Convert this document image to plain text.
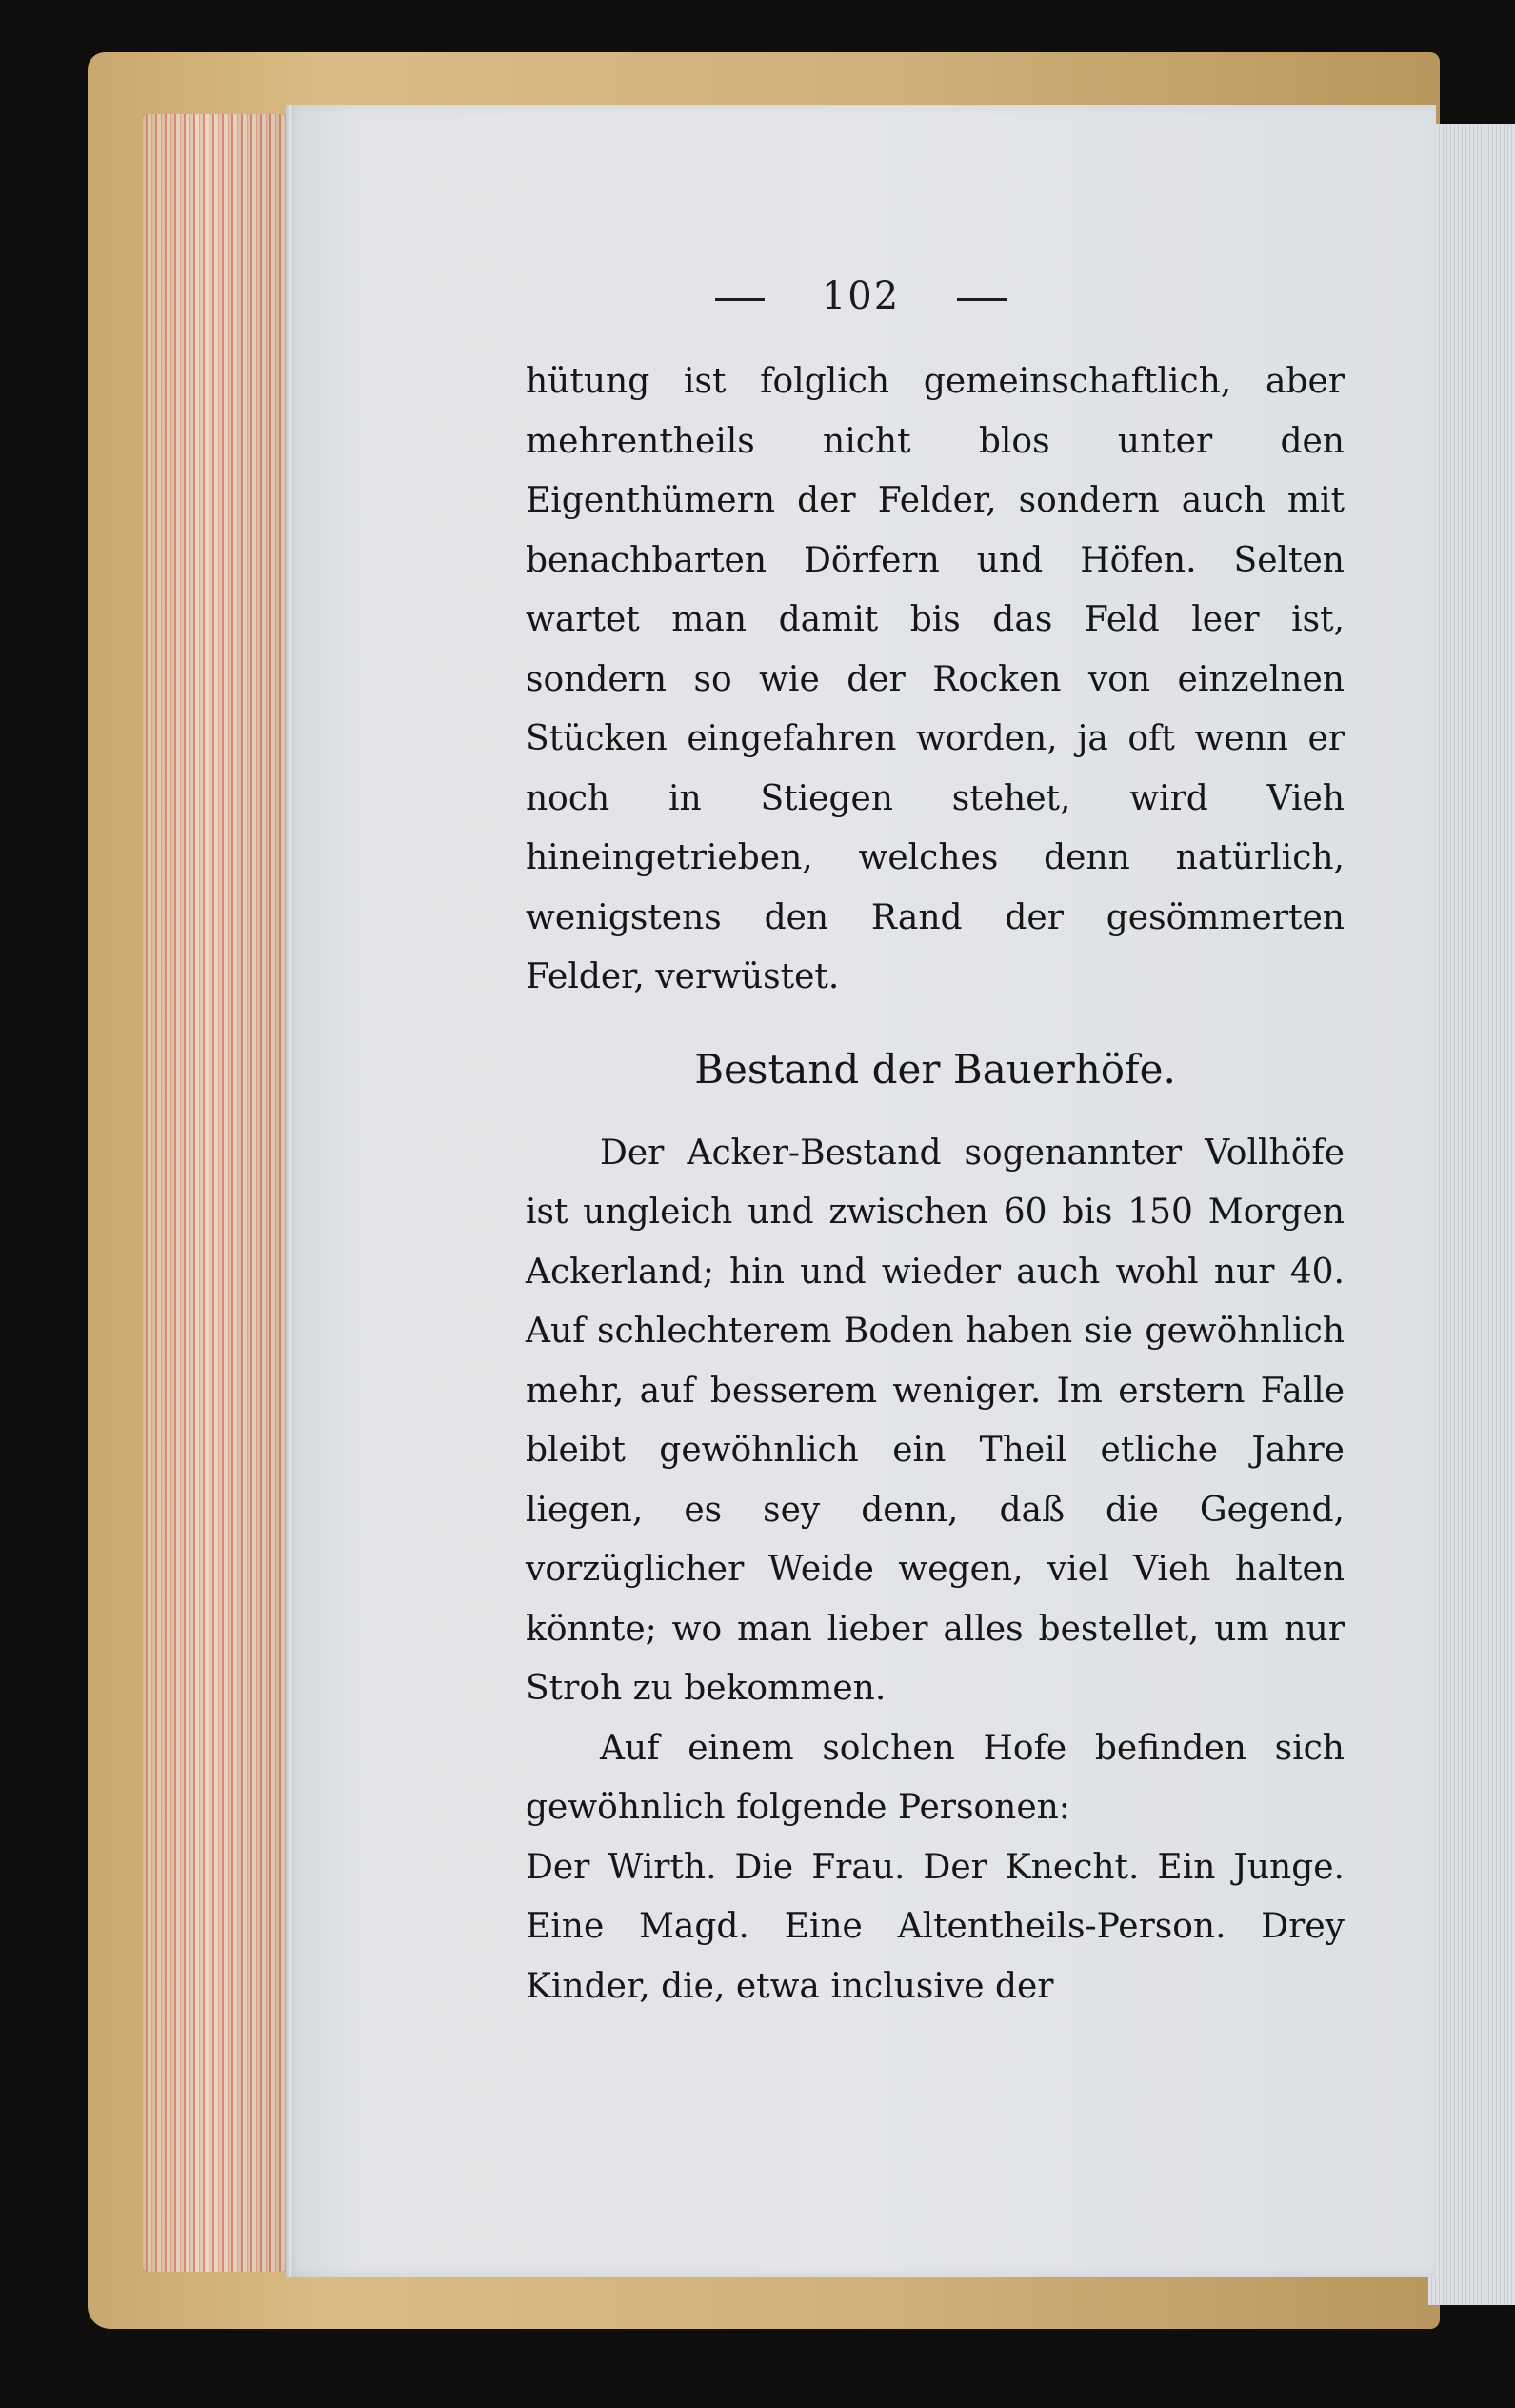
102

hütung ist folglich gemeinschaftlich, aber mehrentheils nicht blos unter den Eigenthümern der Felder, sondern auch mit benachbarten Dörfern und Höfen. Selten wartet man damit bis das Feld leer ist, sondern so wie der Rocken von einzelnen Stücken eingefahren worden, ja oft wenn er noch in Stiegen stehet, wird Vieh hineingetrieben, welches denn natürlich, wenigstens den Rand der gesömmerten Felder, verwüstet.

Bestand der Bauerhöfe.

Der Acker-Bestand sogenannter Vollhöfe ist ungleich und zwischen 60 bis 150 Morgen Ackerland; hin und wieder auch wohl nur 40. Auf schlechterem Boden haben sie gewöhnlich mehr, auf besserem weniger. Im erstern Falle bleibt gewöhnlich ein Theil etliche Jahre liegen, es sey denn, daß die Gegend, vorzüglicher Weide wegen, viel Vieh halten könnte; wo man lieber alles bestellet, um nur Stroh zu bekommen.

Auf einem solchen Hofe befinden sich gewöhnlich folgende Personen:

Der Wirth. Die Frau. Der Knecht. Ein Junge. Eine Magd. Eine Altentheils-Person. Drey Kinder, die, etwa inclusive der
